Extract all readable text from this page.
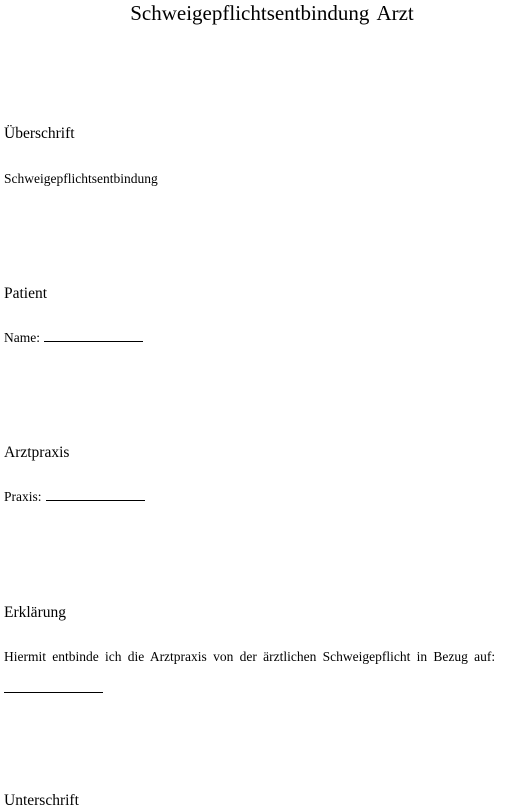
Schweigepflichtsentbindung Arzt
Überschrift
Schweigepflichtsentbindung
Patient
Name:
Arztpraxis
Praxis:
Erklärung
Hiermit entbinde ich die Arztpraxis von der ärztlichen Schweigepflicht in Bezug auf:
Unterschrift
